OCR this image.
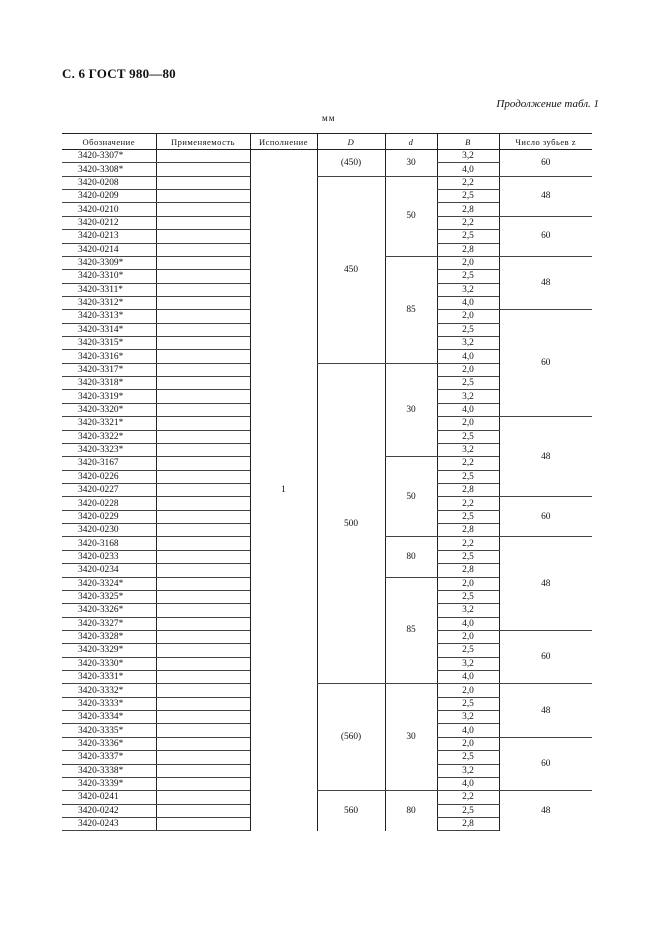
С. 6 ГОСТ 980—80
Продолжение табл. 1
мм
Обозначение	Применяемость	Исполнение	D	d	B	Число зубьев z
3420-3307*		1	(450)	30	3,2	60
3420-3308*					4,0	
3420-0208			450	50	2,2	48
3420-0209					2,5	
3420-0210					2,8	
3420-0212					2,2	60
3420-0213					2,5	
3420-0214					2,8	
3420-3309*				85	2,0	48
3420-3310*					2,5	
3420-3311*					3,2	
3420-3312*					4,0	
3420-3313*					2,0	60
3420-3314*					2,5	
3420-3315*					3,2	
3420-3316*					4,0	
3420-3317*			500	30	2,0	
3420-3318*					2,5	
3420-3319*					3,2	
3420-3320*					4,0	
3420-3321*					2,0	48
3420-3322*					2,5	
3420-3323*					3,2	
3420-3167				50	2,2	
3420-0226					2,5	
3420-0227					2,8	
3420-0228					2,2	60
3420-0229					2,5	
3420-0230					2,8	
3420-3168				80	2,2	48
3420-0233					2,5	
3420-0234					2,8	
3420-3324*				85	2,0	
3420-3325*					2,5	
3420-3326*					3,2	
3420-3327*					4,0	
3420-3328*					2,0	60
3420-3329*					2,5	
3420-3330*					3,2	
3420-3331*					4,0	
3420-3332*			(560)	30	2,0	48
3420-3333*					2,5	
3420-3334*					3,2	
3420-3335*					4,0	
3420-3336*					2,0	60
3420-3337*					2,5	
3420-3338*					3,2	
3420-3339*					4,0	
3420-0241			560	80	2,2	48
3420-0242					2,5	
3420-0243					2,8	
